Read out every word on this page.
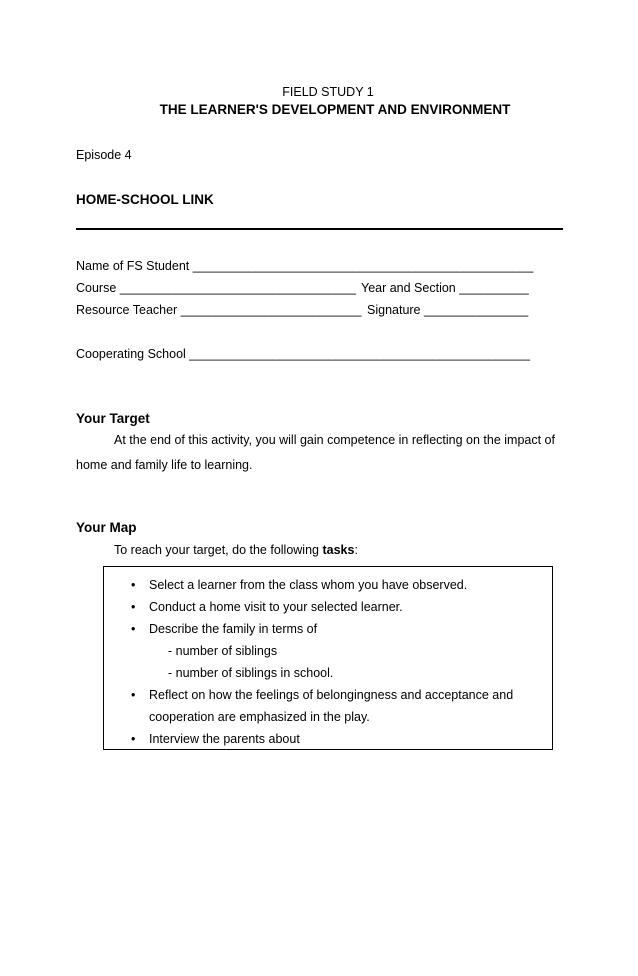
FIELD STUDY 1
THE LEARNER'S DEVELOPMENT AND ENVIRONMENT
Episode 4
HOME-SCHOOL LINK
Name of FS Student _________________________________________________
Course __________________________________ Year and Section __________
Resource Teacher __________________________ Signature _______________
Cooperating School _________________________________________________
Your Target
At the end of this activity, you will gain competence in reflecting on the impact of home and family life to learning.
Your Map
To reach your target, do the following tasks:
• Select a learner from the class whom you have observed.
• Conduct a home visit to your selected learner.
• Describe the family in terms of
- number of siblings
- number of siblings in school.
• Reflect on how the feelings of belongingness and acceptance and
cooperation are emphasized in the play.
• Interview the parents about
